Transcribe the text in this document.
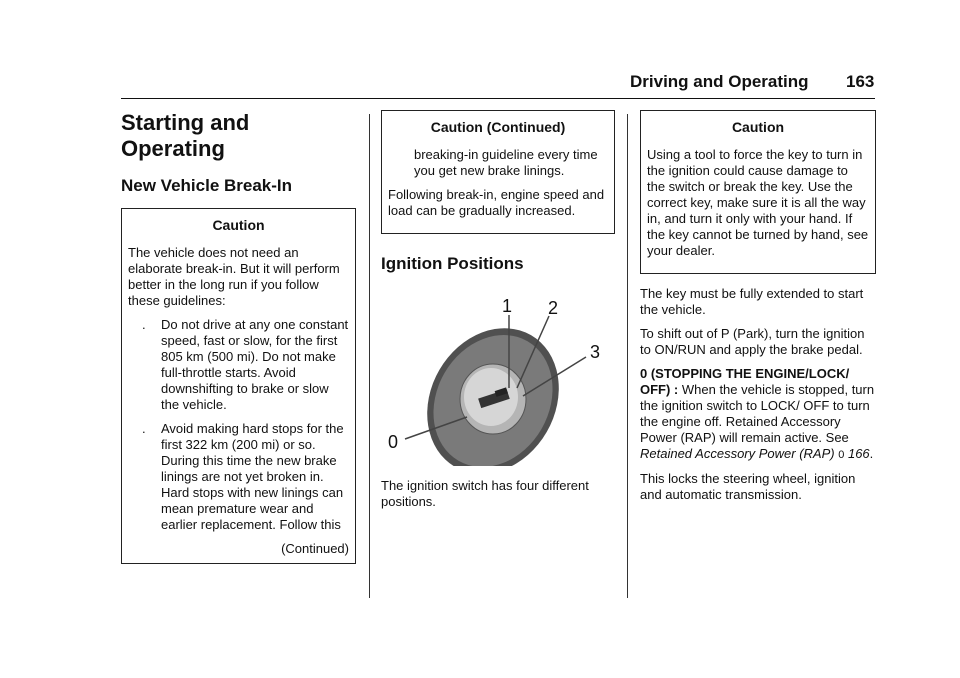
Driving and Operating 163
Starting and
Operating
New Vehicle Break-In
Caution

The vehicle does not need an elaborate break-in. But it will perform better in the long run if you follow these guidelines:

. Do not drive at any one constant speed, fast or slow, for the first 805 km (500 mi). Do not make full-throttle starts. Avoid downshifting to brake or slow the vehicle.
. Avoid making hard stops for the first 322 km (200 mi) or so. During this time the new brake linings are not yet broken in. Hard stops with new linings can mean premature wear and earlier replacement. Follow this
(Continued)
Caution (Continued)

breaking-in guideline every time you get new brake linings.

Following break-in, engine speed and load can be gradually increased.

Ignition Positions
1 2
3
0

The ignition switch has four different positions.

Caution

Using a tool to force the key to turn in the ignition could cause damage to the switch or break the key. Use the correct key, make sure it is all the way in, and turn it only with your hand. If the key cannot be turned by hand, see your dealer.

The key must be fully extended to start the vehicle.

To shift out of P (Park), turn the ignition to ON/RUN and apply the brake pedal.

0 (STOPPING THE ENGINE/LOCK/ OFF) : When the vehicle is stopped, turn the ignition switch to LOCK/ OFF to turn the engine off. Retained Accessory Power (RAP) will remain active. See Retained Accessory Power (RAP) 0 166.

This locks the steering wheel, ignition and automatic transmission.
